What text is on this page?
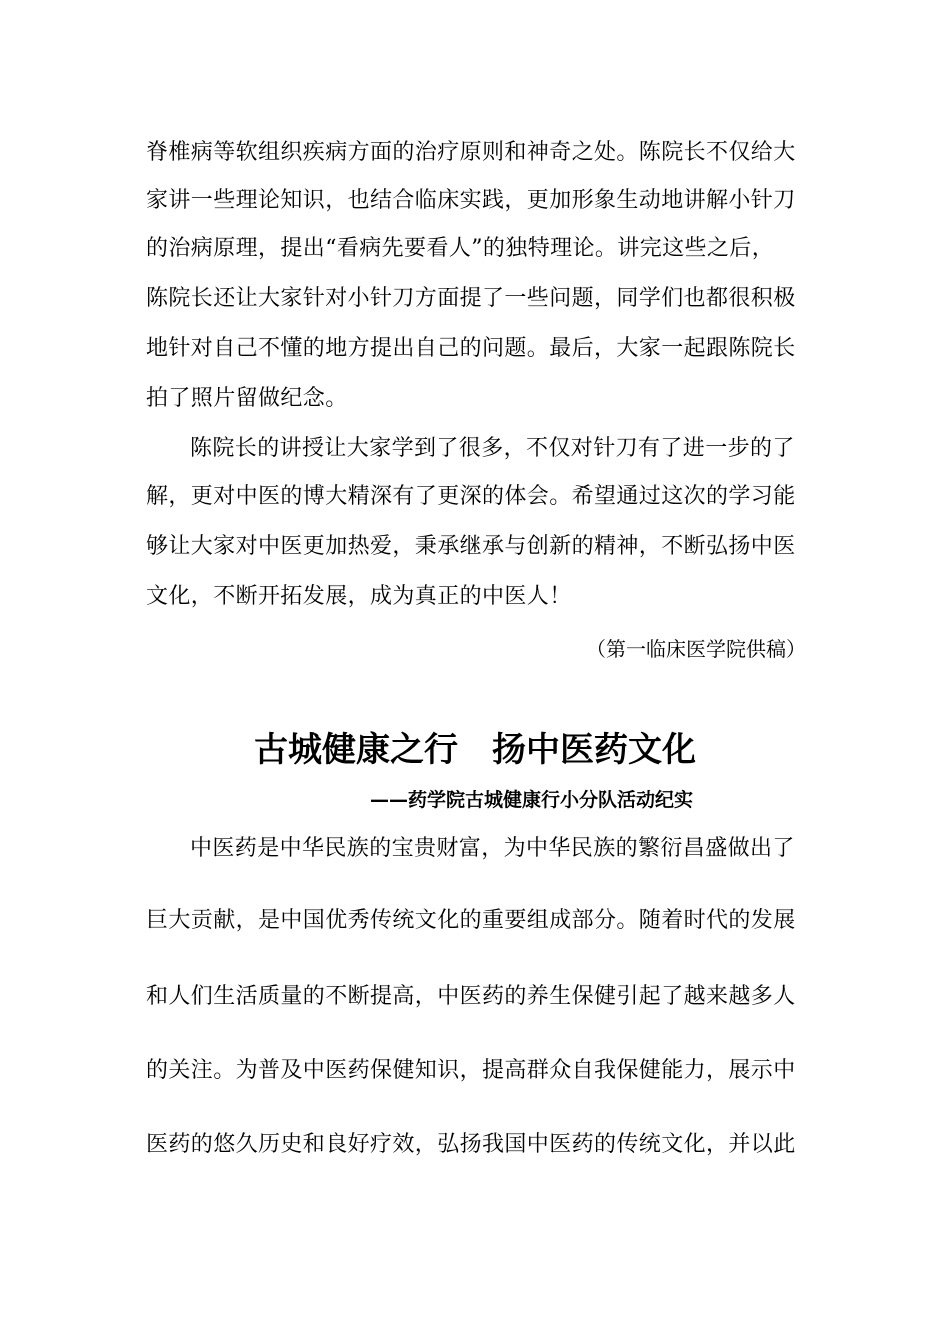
脊椎病等软组织疾病方面的治疗原则和神奇之处。陈院长不仅给大
家讲一些理论知识，也结合临床实践，更加形象生动地讲解小针刀
的治病原理，提出“看病先要看人”的独特理论。讲完这些之后，
陈院长还让大家针对小针刀方面提了一些问题，同学们也都很积极
地针对自己不懂的地方提出自己的问题。最后，大家一起跟陈院长
拍了照片留做纪念。
陈院长的讲授让大家学到了很多，不仅对针刀有了进一步的了
解，更对中医的博大精深有了更深的体会。希望通过这次的学习能
够让大家对中医更加热爱，秉承继承与创新的精神，不断弘扬中医
文化，不断开拓发展，成为真正的中医人！
（第一临床医学院供稿）
古城健康之行　扬中医药文化
——药学院古城健康行小分队活动纪实
中医药是中华民族的宝贵财富，为中华民族的繁衍昌盛做出了
巨大贡献，是中国优秀传统文化的重要组成部分。随着时代的发展
和人们生活质量的不断提高，中医药的养生保健引起了越来越多人
的关注。为普及中医药保健知识，提高群众自我保健能力，展示中
医药的悠久历史和良好疗效，弘扬我国中医药的传统文化，并以此
